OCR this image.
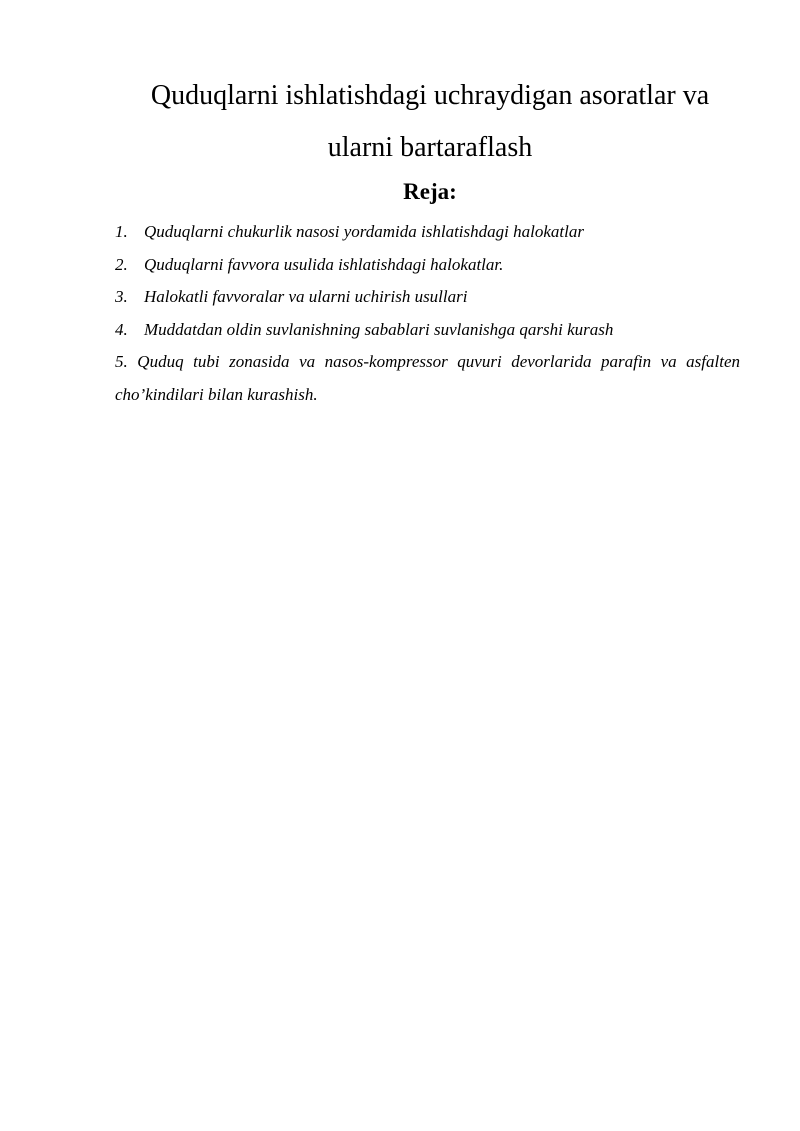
Quduqlarni ishlatishdagi uchraydigan asoratlar va
ularni bartaraflash
Reja:
1. Quduqlarni chukurlik nasosi yordamida ishlatishdagi halokatlar
2. Quduqlarni favvora usulida ishlatishdagi halokatlar.
3. Halokatli favvoralar va ularni uchirish usullari
4. Muddatdan oldin suvlanishning sabablari suvlanishga qarshi kurash
5. Quduq tubi zonasida va nasos-kompressor quvuri devorlarida parafin va asfalten cho’kindilari bilan kurashish.
